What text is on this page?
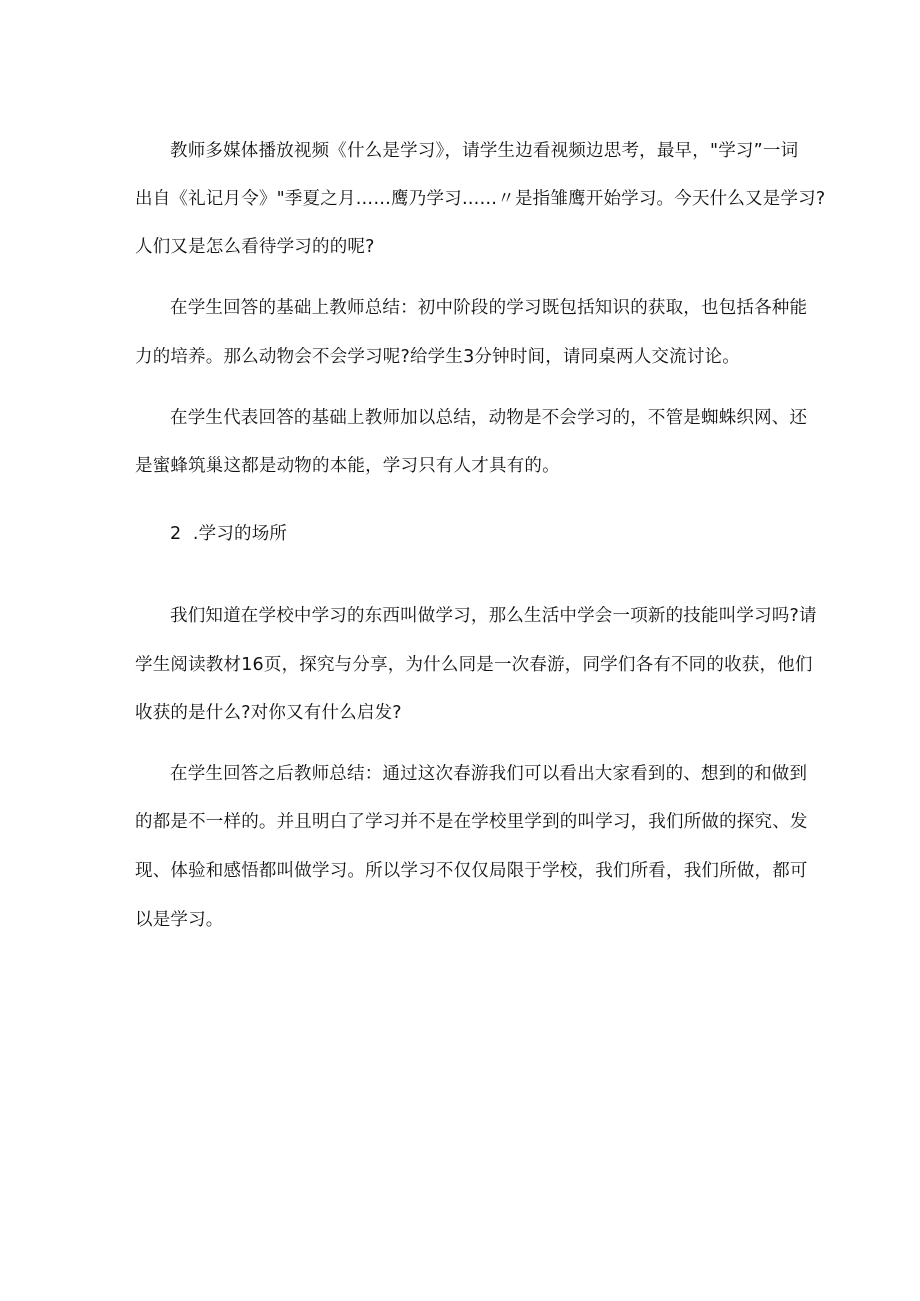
教师多媒体播放视频《什么是学习》，请学生边看视频边思考，最早，"学习”一词
出自《礼记月令》"季夏之月……鹰乃学习……〃是指雏鹰开始学习。今天什么又是学习?
人们又是怎么看待学习的的呢?
在学生回答的基础上教师总结：初中阶段的学习既包括知识的获取，也包括各种能
力的培养。那么动物会不会学习呢?给学生3分钟时间，请同桌两人交流讨论。
在学生代表回答的基础上教师加以总结，动物是不会学习的，不管是蜘蛛织网、还
是蜜蜂筑巢这都是动物的本能，学习只有人才具有的。
2  .学习的场所
我们知道在学校中学习的东西叫做学习，那么生活中学会一项新的技能叫学习吗?请
学生阅读教材16页，探究与分享，为什么同是一次春游，同学们各有不同的收获，他们
收获的是什么?对你又有什么启发?
在学生回答之后教师总结：通过这次春游我们可以看出大家看到的、想到的和做到
的都是不一样的。并且明白了学习并不是在学校里学到的叫学习，我们所做的探究、发
现、体验和感悟都叫做学习。所以学习不仅仅局限于学校，我们所看，我们所做，都可
以是学习。
